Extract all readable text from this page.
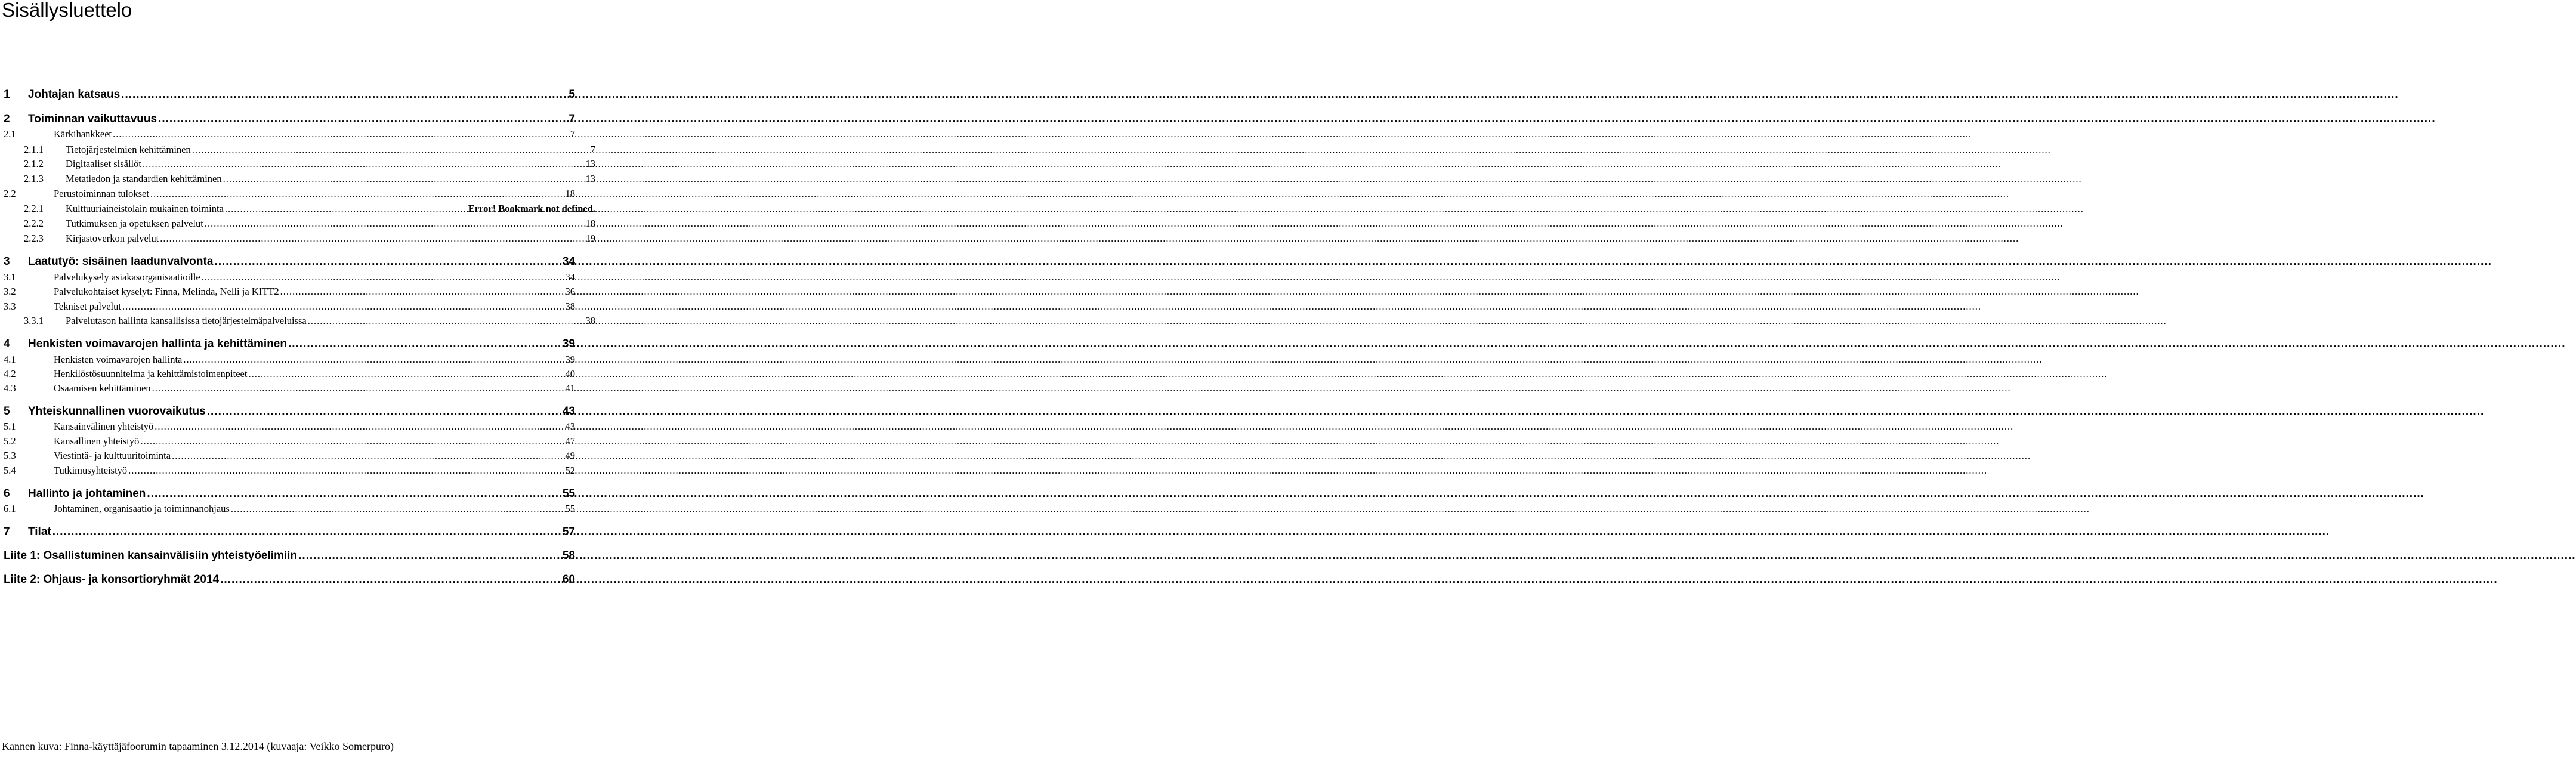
Sisällysluettelo
1	Johtajan katsaus .....	5
2	Toiminnan vaikuttavuus .....	7
2.1	Kärkihankkeet .....	7
2.1.1	Tietojärjestelmien kehittäminen .....	7
2.1.2	Digitaaliset sisällöt .....	13
2.1.3	Metatiedon ja standardien kehittäminen .....	13
2.2	Perustoiminnan tulokset .....	18
2.2.1	Kulttuuriaineistolain mukainen toiminta .....	Error! Bookmark not defined.
2.2.2	Tutkimuksen ja opetuksen palvelut .....	18
2.2.3	Kirjastoverkon palvelut .....	19
3	Laatutyö: sisäinen laadunvalvonta .....	34
3.1	Palvelukysely asiakasorganisaatioille .....	34
3.2	Palvelukohtaiset kyselyt: Finna, Melinda, Nelli ja KITT2 .....	36
3.3	Tekniset palvelut .....	38
3.3.1	Palvelutason hallinta kansallisissa tietojärjestelmäpalveluissa .....	38
4	Henkisten voimavarojen hallinta ja kehittäminen .....	39
4.1	Henkisten voimavarojen hallinta .....	39
4.2	Henkilöstösuunnitelma ja kehittämistoimenpiteet .....	40
4.3	Osaamisen kehittäminen .....	41
5	Yhteiskunnallinen vuorovaikutus .....	43
5.1	Kansainvälinen yhteistyö .....	43
5.2	Kansallinen yhteistyö .....	47
5.3	Viestintä- ja kulttuuritoiminta .....	49
5.4	Tutkimusyhteistyö .....	52
6	Hallinto ja johtaminen .....	55
6.1	Johtaminen, organisaatio ja toiminnanohjaus .....	55
7	Tilat .....	57
Liite 1: Osallistuminen kansainvälisiin yhteistyöelimiin .....	58
Liite 2: Ohjaus- ja konsortioryhmät 2014 .....	60
Kannen kuva: Finna-käyttäjäfoorumin tapaaminen 3.12.2014 (kuvaaja: Veikko Somerpuro)
